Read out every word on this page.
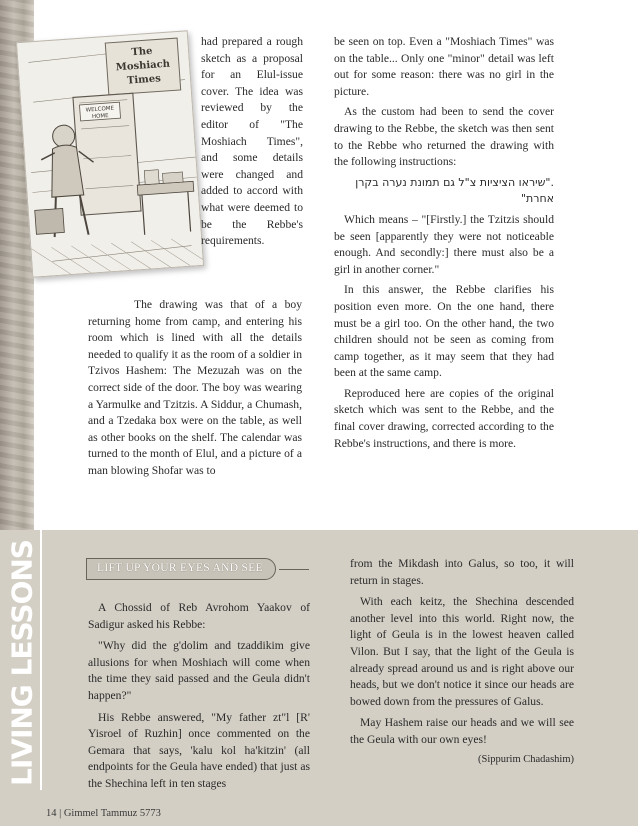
The
Moshiach
Times
WELCOME
HOME

had prepared a rough sketch as a proposal for an Elul-issue cover. The idea was reviewed by the editor of "The Moshiach Times", and some details were changed and added to accord with what were deemed to be the Rebbe's requirements.

The drawing was that of a boy returning home from camp, and entering his room which is lined with all the details needed to qualify it as the room of a soldier in Tzivos Hashem: The Mezuzah was on the correct side of the door. The boy was wearing a Yarmulke and Tzitzis. A Siddur, a Chumash, and a Tzedaka box were on the table, as well as other books on the shelf. The calendar was turned to the month of Elul, and a picture of a man blowing Shofar was to

be seen on top. Even a "Moshiach Times" was on the table... Only one "minor" detail was left out for some reason: there was no girl in the picture.

As the custom had been to send the cover drawing to the Rebbe, the sketch was then sent to the Rebbe who returned the drawing with the following instructions:

."שיראו הציציות צ"ל גם תמונת נערה בקרן אחרת"

Which means – "[Firstly.] the Tzitzis should be seen [apparently they were not noticeable enough. And secondly:] there must also be a girl in another corner."

In this answer, the Rebbe clarifies his position even more. On the one hand, there must be a girl too. On the other hand, the two children should not be seen as coming from camp together, as it may seem that they had been at the same camp.

Reproduced here are copies of the original sketch which was sent to the Rebbe, and the final cover drawing, corrected according to the Rebbe's instructions, and there is more.

LIVING LESSONS	LIFT UP YOUR EYES AND SEE

A Chossid of Reb Avrohom Yaakov of Sadigur asked his Rebbe:

"Why did the g'dolim and tzaddikim give allusions for when Moshiach will come when the time they said passed and the Geula didn't happen?"

His Rebbe answered, "My father zt"l [R' Yisroel of Ruzhin] once commented on the Gemara that says, 'kalu kol ha'kitzin' (all endpoints for the Geula have ended) that just as the Shechina left in ten stages

from the Mikdash into Galus, so too, it will return in stages.

With each keitz, the Shechina descended another level into this world. Right now, the light of Geula is in the lowest heaven called Vilon. But I say, that the light of the Geula is already spread around us and is right above our heads, but we don't notice it since our heads are bowed down from the pressures of Galus.

May Hashem raise our heads and we will see the Geula with our own eyes!

(Sippurim Chadashim)

14 | Gimmel Tammuz 5773
